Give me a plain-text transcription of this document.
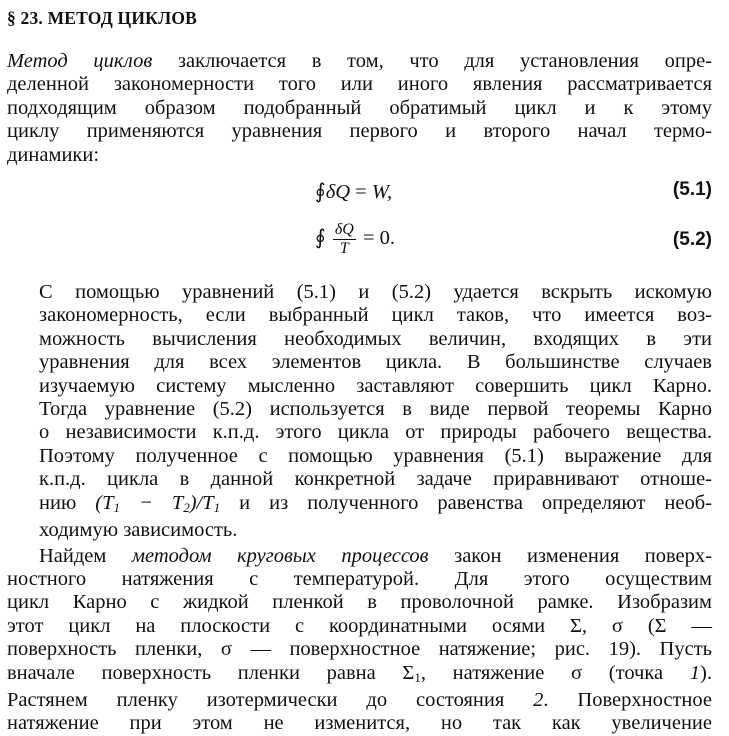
§ 23. МЕТОД ЦИКЛОВ

Метод циклов заключается в том, что для установления опре-
деленной закономерности того или иного явления рассматривается
подходящим образом подобранный обратимый цикл и к этому
циклу применяются уравнения первого и второго начал термо-
динамики:

∮δQ = W,	(5.1)
∮ $\frac{\delta Q}{T} = 0$.	(5.2)

С помощью уравнений (5.1) и (5.2) удается вскрыть искомую
закономерность, если выбранный цикл таков, что имеется воз-
можность вычисления необходимых величин, входящих в эти
уравнения для всех элементов цикла. В большинстве случаев
изучаемую систему мысленно заставляют совершить цикл Карно.
Тогда уравнение (5.2) используется в виде первой теоремы Карно
о независимости к.п.д. этого цикла от природы рабочего вещества.
Поэтому полученное с помощью уравнения (5.1) выражение для
к.п.д. цикла в данной конкретной задаче приравнивают отноше-
нию $(T_1 - T_2)/T_1$ и из полученного равенства определяют необ-
ходимую зависимость.

Найдем методом круговых процессов закон изменения поверх-
ностного натяжения с температурой. Для этого осуществим
цикл Карно с жидкой пленкой в проволочной рамке. Изобразим
этот цикл на плоскости с координатными осями Σ, σ (Σ —
поверхность пленки, σ — поверхностное натяжение; рис. 19). Пусть
вначале поверхность пленки равна $\Sigma_1$, натяжение σ (точка 1).
Растянем пленку изотермически до состояния 2. Поверхностное
натяжение при этом не изменится, но так как увеличение
